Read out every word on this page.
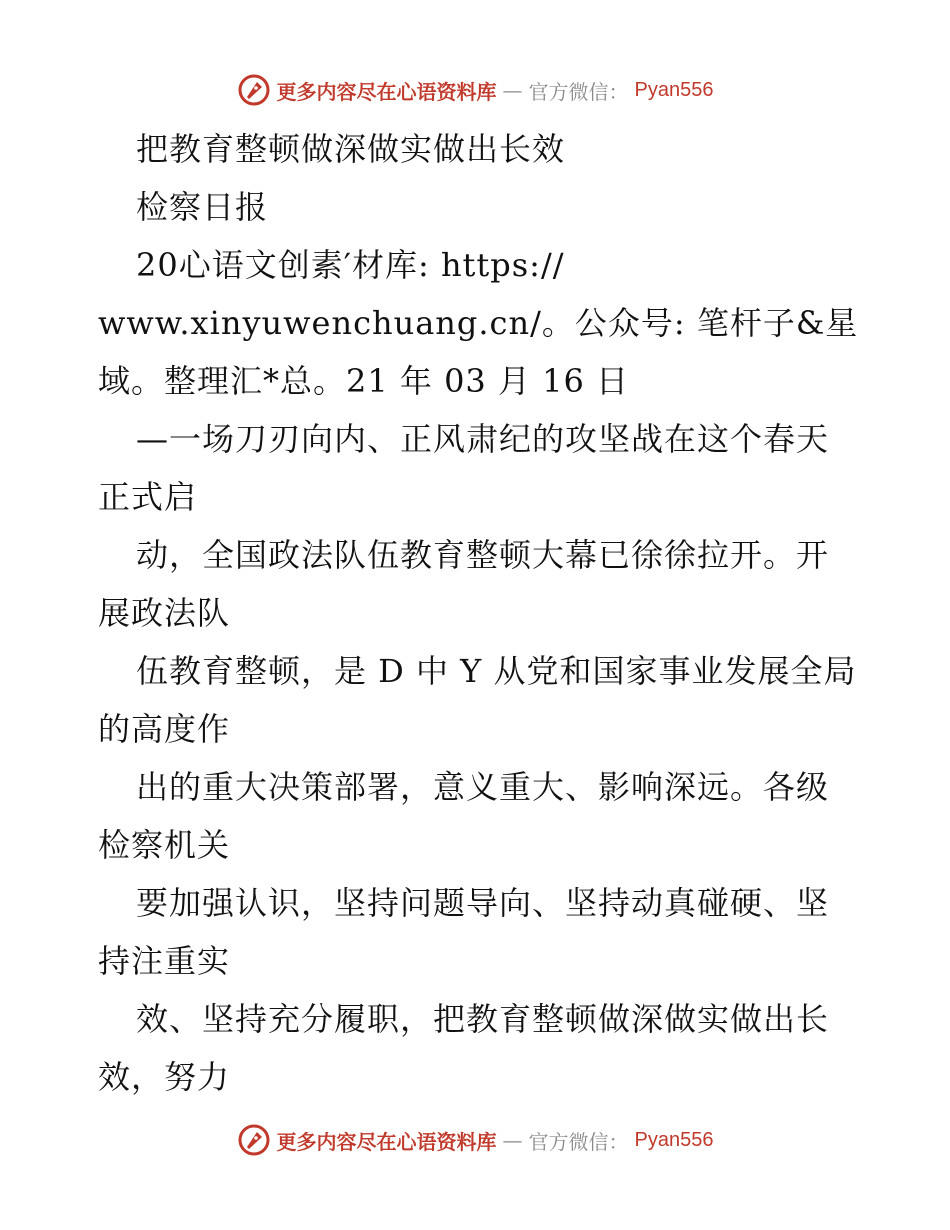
更多内容尽在心语资料库 — 官方微信： Pyan556
把教育整顿做深做实做出长效
检察日报
20心语文创素′材库: https://
www.xinyuwenchuang.cn/。公众号: 笔杆子&星
域。整理汇*总。21 年 03 月 16 日
—一场刀刃向内、正风肃纪的攻坚战在这个春天
正式启
动，全国政法队伍教育整顿大幕已徐徐拉开。开
展政法队
伍教育整顿，是 D 中 Y 从党和国家事业发展全局
的高度作
出的重大决策部署，意义重大、影响深远。各级
检察机关
要加强认识，坚持问题导向、坚持动真碰硬、坚
持注重实
效、坚持充分履职，把教育整顿做深做实做出长
效，努力
更多内容尽在心语资料库 — 官方微信： Pyan556
